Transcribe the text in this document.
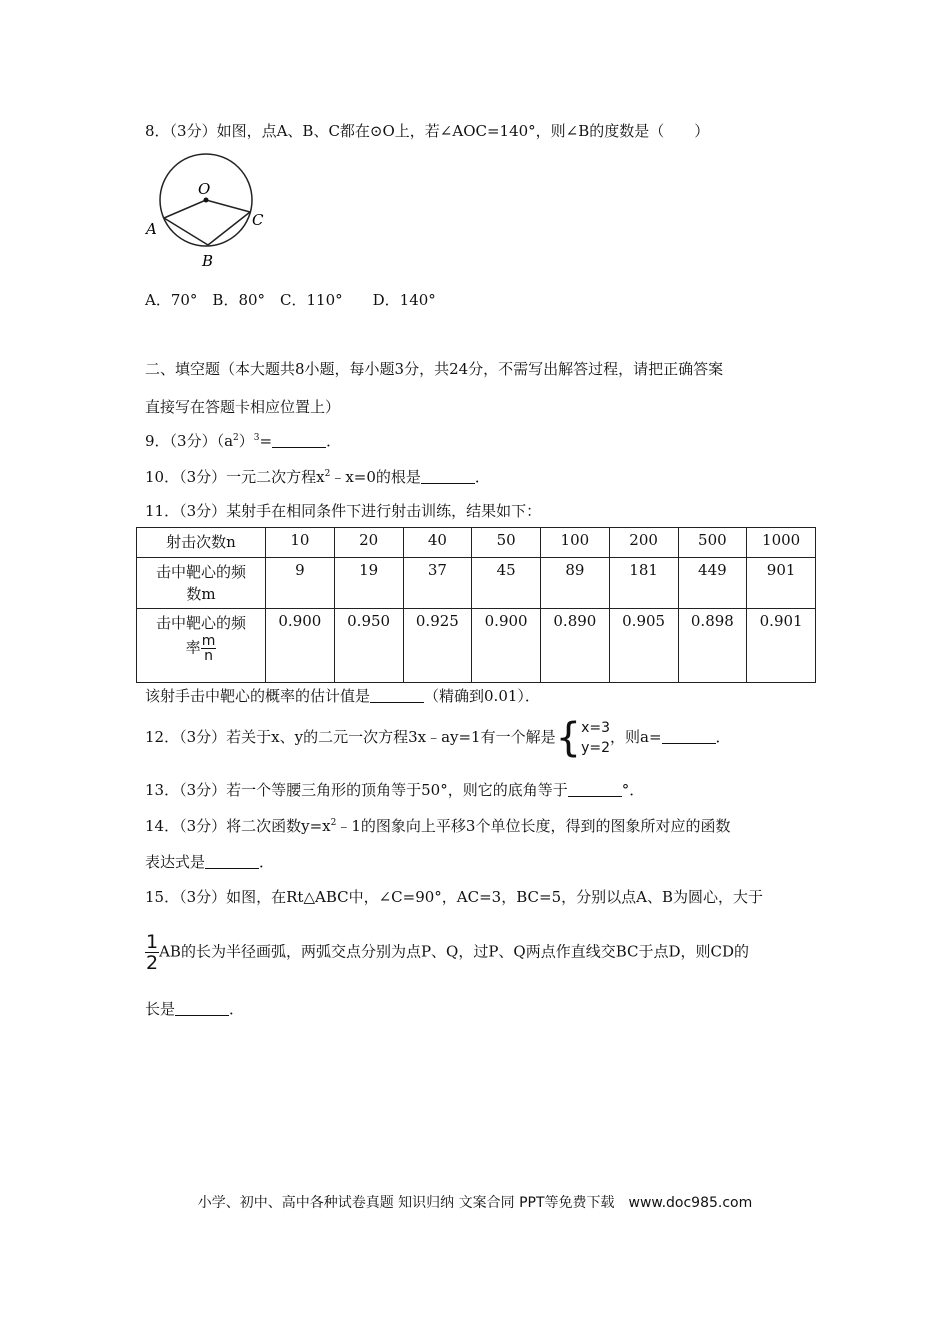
8．（3分）如图，点A、B、C都在⊙O上，若∠AOC=140°，则∠B的度数是（　　）
O
A
B
C
A．70°　B．80°　C．110°　　D．140°
二、填空题（本大题共8小题，每小题3分，共24分，不需写出解答过程，请把正确答案
直接写在答题卡相应位置上）
9．（3分）$(a^2)^3=$	．
10．（3分）一元二次方程$x^2﹣x=0$的根是	．
11．（3分）某射手在相同条件下进行射击训练，结果如下：
射击次数n	10	20	40	50	100	200	500	1000
击中靶心的频
数m	9	19	37	45	89	181	449	901
击中靶心的频
率 $\frac{m}{n}$	0.900	0.950	0.925	0.900	0.890	0.905	0.898	0.901
该射手击中靶心的概率的估计值是	（精确到0.01）．
12．（3分）若关于x、y的二元一次方程3x﹣ay=1有一个解是{x=3
y=2，则a=	．
13．（3分）若一个等腰三角形的顶角等于50°，则它的底角等于	°．
14．（3分）将二次函数$y=x^2﹣1$的图象向上平移3个单位长度，得到的图象所对应的函数
表达式是	．
15．（3分）如图，在Rt△ABC中，∠C=90°，AC=3，BC=5，分别以点A、B为圆心，大于
$\frac{1}{2}$ AB的长为半径画弧，两弧交点分别为点P、Q，过P、Q两点作直线交BC于点D，则CD的
长是	．
小学、初中、高中各种试卷真题 知识归纳 文案合同 PPT等免费下载　www.doc985.com
